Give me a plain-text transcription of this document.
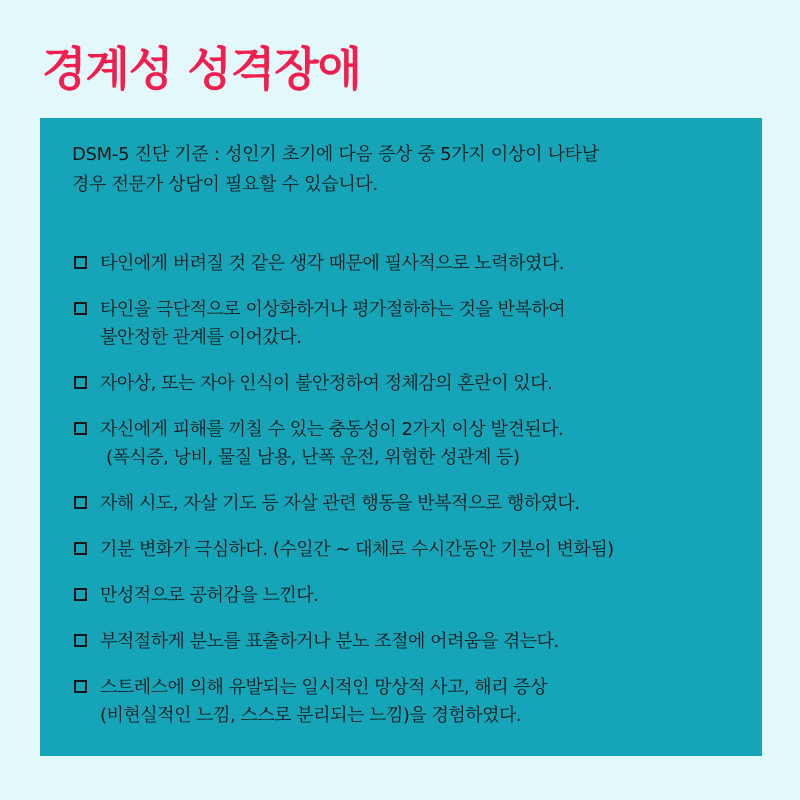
경계성 성격장애

DSM-5 진단 기준 : 성인기 초기에 다음 증상 중 5가지 이상이 나타날
경우 전문가 상담이 필요할 수 있습니다.

타인에게 버려질 것 같은 생각 때문에 필사적으로 노력하였다.
타인을 극단적으로 이상화하거나 평가절하하는 것을 반복하여
불안정한 관계를 이어갔다.
자아상, 또는 자아 인식이 불안정하여 정체감의 혼란이 있다.
자신에게 피해를 끼칠 수 있는 충동성이 2가지 이상 발견된다.
(폭식증, 낭비, 물질 남용, 난폭 운전, 위험한 성관계 등)
자해 시도, 자살 기도 등 자살 관련 행동을 반복적으로 행하였다.
기분 변화가 극심하다. (수일간 ~ 대체로 수시간동안 기분이 변화됨)
만성적으로 공허감을 느낀다.
부적절하게 분노를 표출하거나 분노 조절에 어려움을 겪는다.
스트레스에 의해 유발되는 일시적인 망상적 사고, 해리 증상
(비현실적인 느낌, 스스로 분리되는 느낌)을 경험하였다.
